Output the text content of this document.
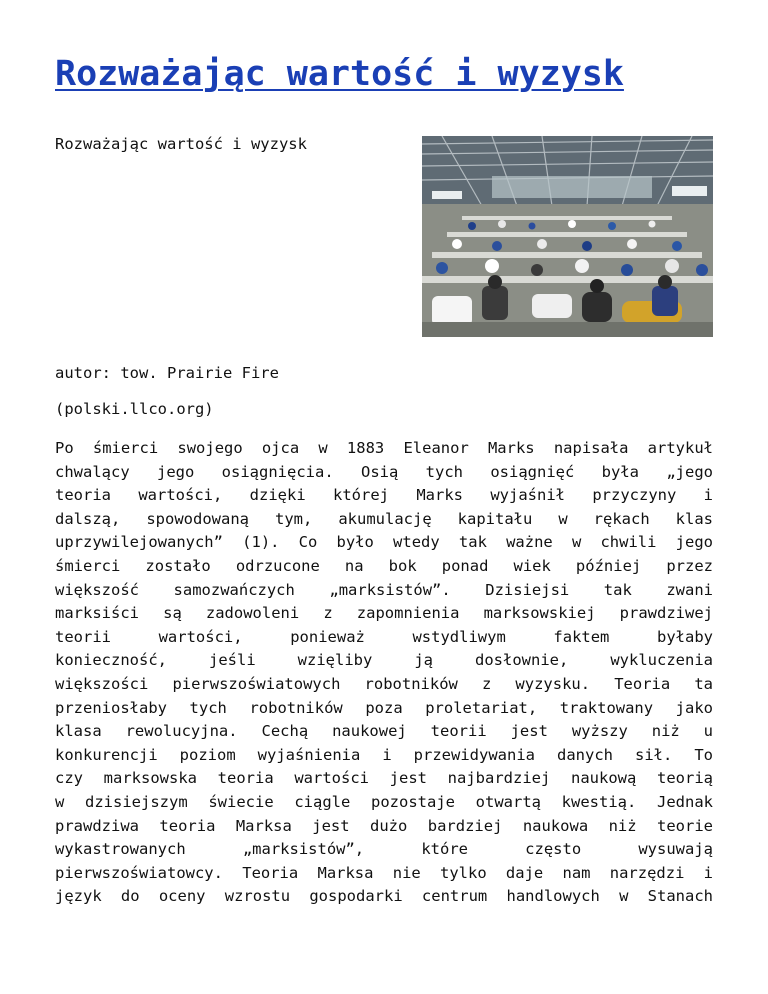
Rozważając wartość i wyzysk
Rozważając wartość i wyzysk
autor: tow. Prairie Fire
(polski.llco.org)
Po śmierci swojego ojca w 1883 Eleanor Marks napisała artykuł
chwalący jego osiągnięcia. Osią tych osiągnięć była „jego
teoria wartości, dzięki której Marks wyjaśnił przyczyny i
dalszą, spowodowaną tym, akumulację kapitału w rękach klas
uprzywilejowanych” (1). Co było wtedy tak ważne w chwili jego
śmierci zostało odrzucone na bok ponad wiek później przez
większość samozwańczych „marksistów”. Dzisiejsi tak zwani
marksiści są zadowoleni z zapomnienia marksowskiej prawdziwej
teorii wartości, ponieważ wstydliwym faktem byłaby
konieczność, jeśli wzięliby ją dosłownie, wykluczenia
większości pierwszoświatowych robotników z wyzysku. Teoria ta
przeniosłaby tych robotników poza proletariat, traktowany jako
klasa rewolucyjna. Cechą naukowej teorii jest wyższy niż u
konkurencji poziom wyjaśnienia i przewidywania danych sił. To
czy marksowska teoria wartości jest najbardziej naukową teorią
w dzisiejszym świecie ciągle pozostaje otwartą kwestią. Jednak
prawdziwa teoria Marksa jest dużo bardziej naukowa niż teorie
wykastrowanych „marksistów”, które często wysuwają
pierwszoświatowcy. Teoria Marksa nie tylko daje nam narzędzi i
język do oceny wzrostu gospodarki centrum handlowych w Stanach
